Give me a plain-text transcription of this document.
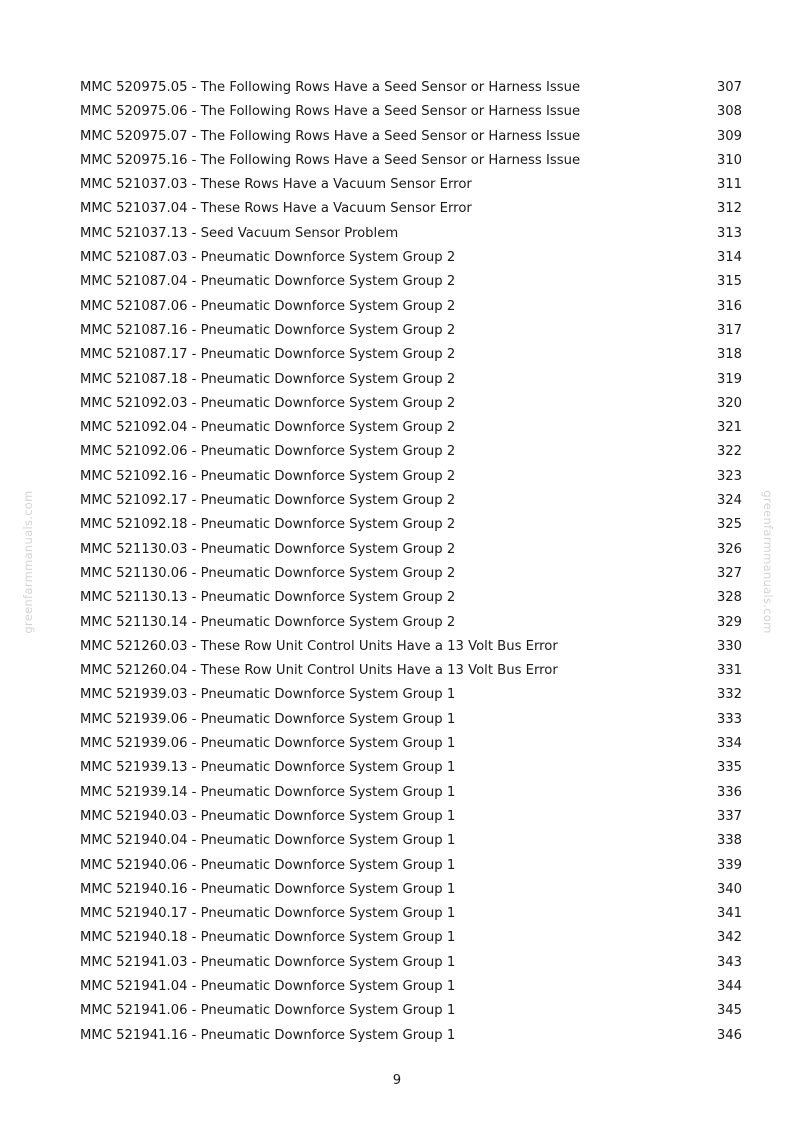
greenfarmmanuals.com	greenfarmmanuals.com
MMC 520975.05 - The Following Rows Have a Seed Sensor or Harness Issue	307
MMC 520975.06 - The Following Rows Have a Seed Sensor or Harness Issue	308
MMC 520975.07 - The Following Rows Have a Seed Sensor or Harness Issue	309
MMC 520975.16 - The Following Rows Have a Seed Sensor or Harness Issue	310
MMC 521037.03 - These Rows Have a Vacuum Sensor Error	311
MMC 521037.04 - These Rows Have a Vacuum Sensor Error	312
MMC 521037.13 - Seed Vacuum Sensor Problem	313
MMC 521087.03 - Pneumatic Downforce System Group 2	314
MMC 521087.04 - Pneumatic Downforce System Group 2	315
MMC 521087.06 - Pneumatic Downforce System Group 2	316
MMC 521087.16 - Pneumatic Downforce System Group 2	317
MMC 521087.17 - Pneumatic Downforce System Group 2	318
MMC 521087.18 - Pneumatic Downforce System Group 2	319
MMC 521092.03 - Pneumatic Downforce System Group 2	320
MMC 521092.04 - Pneumatic Downforce System Group 2	321
MMC 521092.06 - Pneumatic Downforce System Group 2	322
MMC 521092.16 - Pneumatic Downforce System Group 2	323
MMC 521092.17 - Pneumatic Downforce System Group 2	324
MMC 521092.18 - Pneumatic Downforce System Group 2	325
MMC 521130.03 - Pneumatic Downforce System Group 2	326
MMC 521130.06 - Pneumatic Downforce System Group 2	327
MMC 521130.13 - Pneumatic Downforce System Group 2	328
MMC 521130.14 - Pneumatic Downforce System Group 2	329
MMC 521260.03 - These Row Unit Control Units Have a 13 Volt Bus Error	330
MMC 521260.04 - These Row Unit Control Units Have a 13 Volt Bus Error	331
MMC 521939.03 - Pneumatic Downforce System Group 1	332
MMC 521939.06 - Pneumatic Downforce System Group 1	333
MMC 521939.06 - Pneumatic Downforce System Group 1	334
MMC 521939.13 - Pneumatic Downforce System Group 1	335
MMC 521939.14 - Pneumatic Downforce System Group 1	336
MMC 521940.03 - Pneumatic Downforce System Group 1	337
MMC 521940.04 - Pneumatic Downforce System Group 1	338
MMC 521940.06 - Pneumatic Downforce System Group 1	339
MMC 521940.16 - Pneumatic Downforce System Group 1	340
MMC 521940.17 - Pneumatic Downforce System Group 1	341
MMC 521940.18 - Pneumatic Downforce System Group 1	342
MMC 521941.03 - Pneumatic Downforce System Group 1	343
MMC 521941.04 - Pneumatic Downforce System Group 1	344
MMC 521941.06 - Pneumatic Downforce System Group 1	345
MMC 521941.16 - Pneumatic Downforce System Group 1	346
9
